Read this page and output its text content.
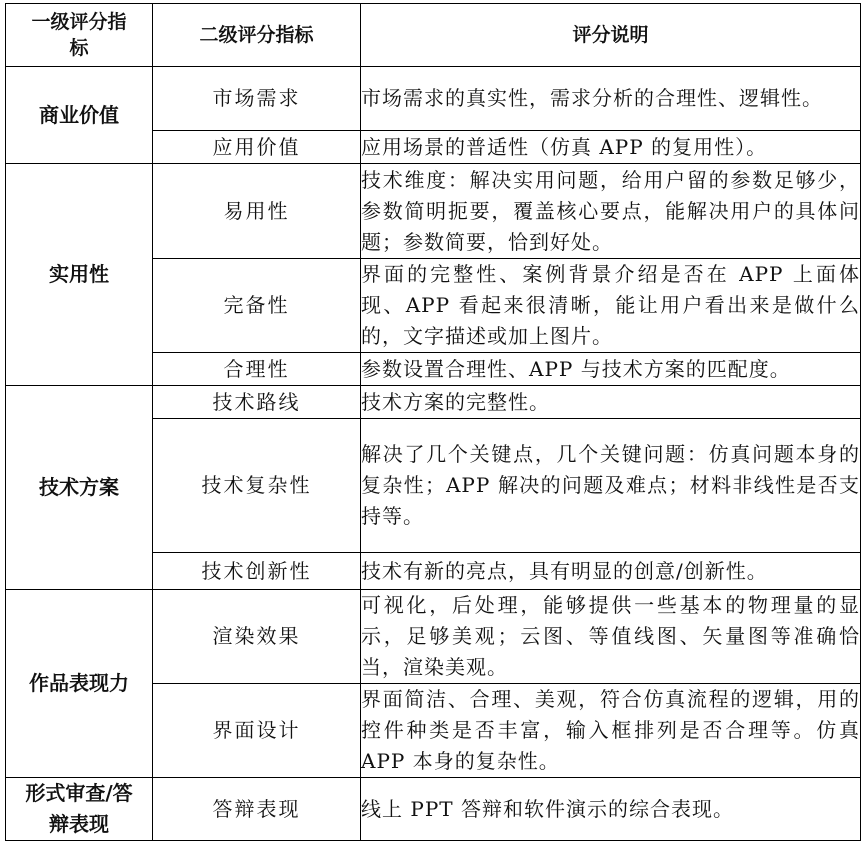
一级评分指标	二级评分指标	评分说明
商业价值	市场需求	市场需求的真实性，需求分析的合理性、逻辑性。
	应用价值	应用场景的普适性（仿真 APP 的复用性）。
实用性	易用性	技术维度：解决实用问题，给用户留的参数足够少，参数简明扼要，覆盖核心要点，能解决用户的具体问题；参数简要，恰到好处。
	完备性	界面的完整性、案例背景介绍是否在 APP 上面体现、APP 看起来很清晰，能让用户看出来是做什么的，文字描述或加上图片。
	合理性	参数设置合理性、APP 与技术方案的匹配度。
技术方案	技术路线	技术方案的完整性。
	技术复杂性	解决了几个关键点，几个关键问题：仿真问题本身的复杂性；APP 解决的问题及难点；材料非线性是否支持等。
	技术创新性	技术有新的亮点，具有明显的创意/创新性。
作品表现力	渲染效果	可视化，后处理，能够提供一些基本的物理量的显示，足够美观；云图、等值线图、矢量图等准确恰当，渲染美观。
	界面设计	界面简洁、合理、美观，符合仿真流程的逻辑，用的控件种类是否丰富，输入框排列是否合理等。仿真 APP 本身的复杂性。
形式审查/答辩表现	答辩表现	线上 PPT 答辩和软件演示的综合表现。
